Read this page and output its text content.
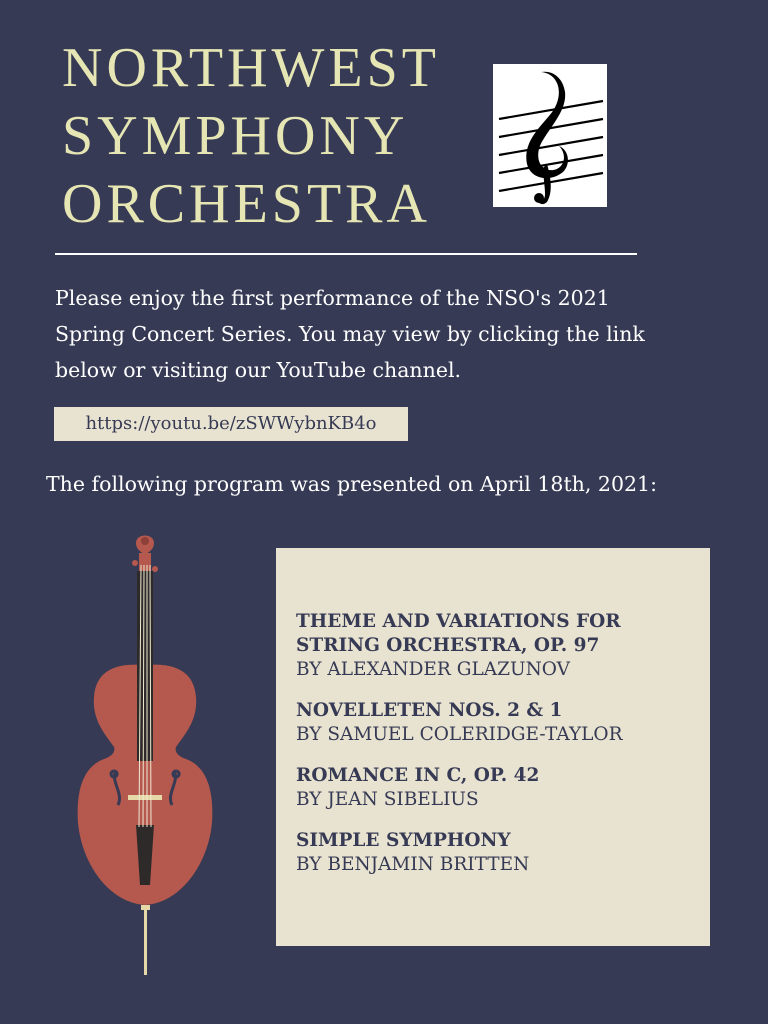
NORTHWEST
SYMPHONY
ORCHESTRA

Please enjoy the first performance of the NSO's 2021 Spring Concert Series. You may view by clicking the link below or visiting our YouTube channel.

https://youtu.be/zSWWybnKB4o

The following program was presented on April 18th, 2021:

THEME AND VARIATIONS FOR STRING ORCHESTRA, OP. 97

BY ALEXANDER GLAZUNOV

NOVELLETEN NOS. 2 & 1

BY SAMUEL COLERIDGE-TAYLOR

ROMANCE IN C, OP. 42

BY JEAN SIBELIUS

SIMPLE SYMPHONY

BY BENJAMIN BRITTEN
